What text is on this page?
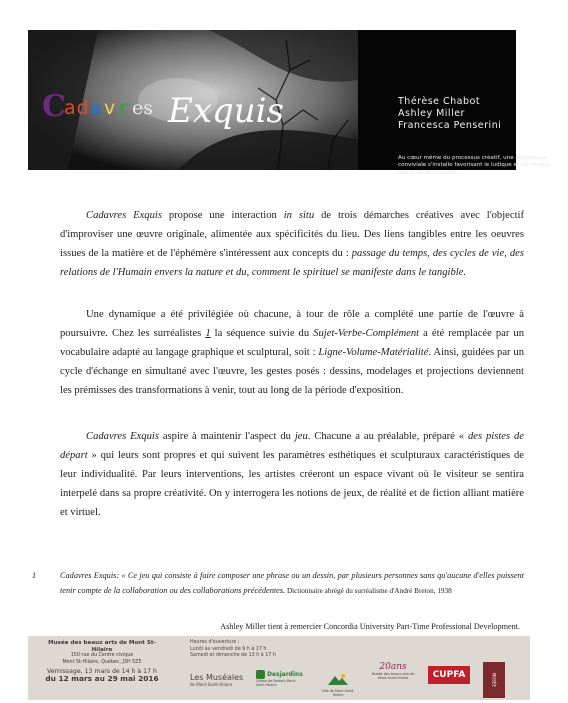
C
ad a v r es Exquis	Thérèse Chabot
Ashley Miller
Francesca Penserini
Au cœur même du processus créatif, une dynamique conviviale s'installe favorisant le ludique et les modus operandi de chacune.

Cadavres Exquis propose une interaction in situ de trois démarches créatives avec l'objectif d'improviser une œuvre originale, alimentée aux spécificités du lieu. Des liens tangibles entre les oeuvres issues de la matière et de l'éphémère s'intéressent aux concepts du : passage du temps, des cycles de vie, des relations de l'Humain envers la nature et du, comment le spirituel se manifeste dans le tangible.

Une dynamique a été privilégiée où chacune, à tour de rôle a complété une partie de l'œuvre à poursuivre. Chez les surréalistes 1 la séquence suivie du Sujet-Verbe-Complément a été remplacée par un vocabulaire adapté au langage graphique et sculptural, soit : Ligne-Volume-Matérialité. Ainsi, guidées par un cycle d'échange en simultané avec l'œuvre, les gestes posés : dessins, modelages et projections deviennent les prémisses des transformations à venir, tout au long de la période d'exposition.

Cadavres Exquis aspire à maintenir l'aspect du jeu. Chacune a au préalable, préparé « des pistes de départ » qui leurs sont propres et qui suivent les paramètres esthétiques et sculpturaux caractéristiques de leur individualité. Par leurs interventions, les artistes créeront un espace vivant où le visiteur se sentira interpelé dans sa propre créativité. On y interrogera les notions de jeux, de réalité et de fiction alliant matière et virtuel.

1	Cadavres Exquis: « Ce jeu qui consiste à faire composer une phrase ou un dessin, par plusieurs personnes sans qu'aucune d'elles puissent tenir compte de la collaboration ou des collaborations précédentes. Dictionnaire abrégé du surréalisme d'André Breton, 1938
Ashley Miller tient à remercier Concordia University Part-Time Professional Development.
Musée des beaux arts de Mont St-Hilaire
150 rue du Centre civique
Mont St-Hilaire, Québec, J3H 5Z5
Vernissage, 13 mars de 14 h à 17 h
du 12 mars au 29 mai 2016
Heures d'ouverture :
Lundi au vendredi de 9 h à 17 h
Samedi et dimanche de 13 h à 17 h
Les Muséales
de Mont-Saint-Hilaire
Desjardins
Caisse de Beloeil–Mont-Saint-Hilaire
Ville de Mont-Saint-Hilaire
20ans
Musée des beaux-arts de Mont-Saint-Hilaire	CUPFA	MUSÉE
